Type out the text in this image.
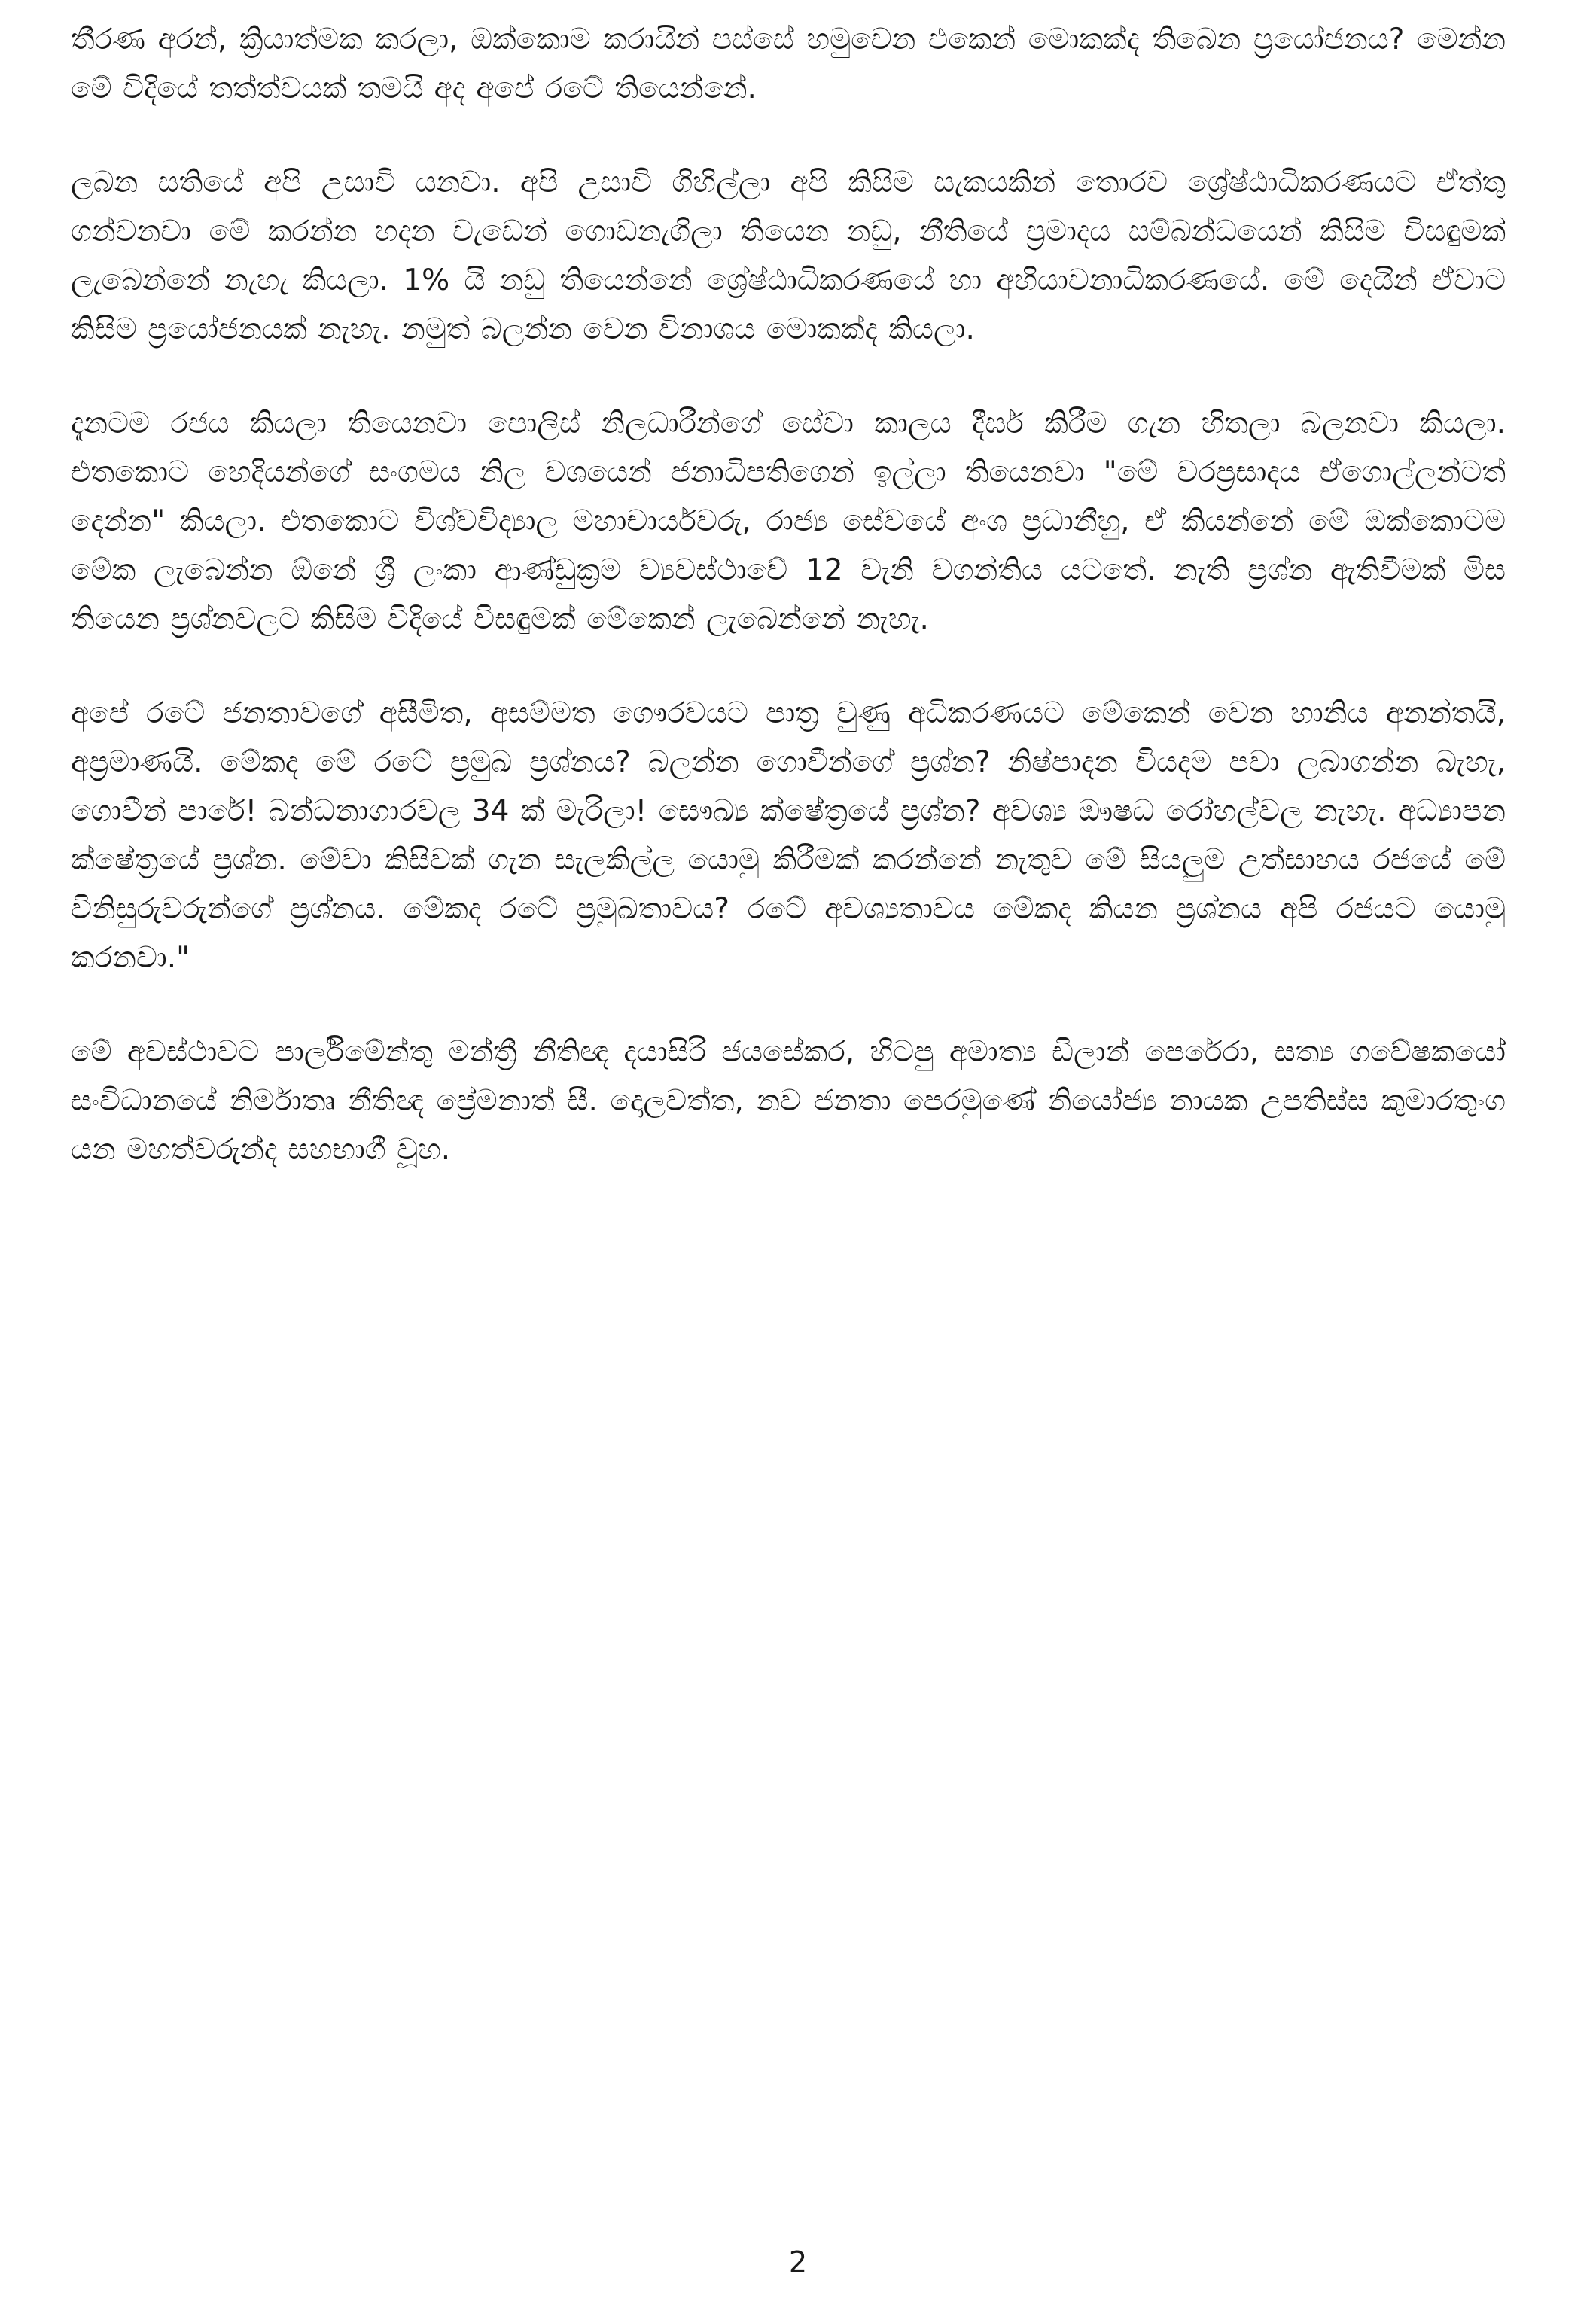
තීරණ අරන්, ක්‍රියාත්මක කරලා, ඔක්කොම කරායින් පස්සේ හමුවෙන එකෙන් මොකක්ද තිබෙන ප්‍රයෝජනය? මෙන්න මේ විදියේ තත්ත්වයක් තමයි අද අපේ රටේ තියෙන්නේ.

ලබන සතියේ අපි උසාවි යනවා. අපි උසාවි ගිහිල්ලා අපි කිසිම සැකයකින් තොරව ශ්‍රේෂ්ඨාධිකරණයට ඒත්තු ගන්වනවා මේ කරන්න හදන වැඩෙන් ගොඩනැගිලා තියෙන නඩු, නීතියේ ප්‍රමාදය සම්බන්ධයෙන් කිසිම විසඳුමක් ලැබෙන්නේ නැහැ කියලා. 1% යි නඩු තියෙන්නේ ශ්‍රේෂ්ඨාධිකරණයේ හා අභියාචනාධිකරණයේ. මේ දෙයින් ඒවාට කිසිම ප්‍රයෝජනයක් නැහැ. නමුත් බලන්න වෙන විනාශය මොකක්ද කියලා.

දැනටම රජය කියලා තියෙනවා පොලිස් නිලධාරීන්ගේ සේවා කාලය දීර්ඝ කිරීම ගැන හිතලා බලනවා කියලා. එතකොට හෙදියන්ගේ සංගමය නිල වශයෙන් ජනාධිපතිගෙන් ඉල්ලා තියෙනවා "මේ වරප්‍රසාදය ඒගොල්ලන්ටත් දෙන්න" කියලා. එතකොට විශ්වවිද්‍යාල මහාචාර්යවරු, රාජ්‍ය සේවයේ අංශ ප්‍රධානීහු, ඒ කියන්නේ මේ ඔක්කොටම මේක ලැබෙන්න ඕනේ ශ්‍රී ලංකා ආණ්ඩුක්‍රම ව්‍යවස්ථාවේ 12 වැනි වගන්තිය යටතේ. නැති ප්‍රශ්න ඇතිවීමක් මිස තියෙන ප්‍රශ්නවලට කිසිම විදියේ විසඳුමක් මේකෙන් ලැබෙන්නේ නැහැ.

අපේ රටේ ජනතාවගේ අසීමිත, අසම්මත ගෞරවයට පාත්‍ර වුණු අධිකරණයට මේකෙන් වෙන හානිය අනන්තයි, අප්‍රමාණයි. මේකද මේ රටේ ප්‍රමුඛ ප්‍රශ්නය? බලන්න ගොවීන්ගේ ප්‍රශ්න? නිෂ්පාදන වියදම පවා ලබාගන්න බැහැ, ගොවීන් පාරේ! බන්ධනාගාරවල 34 ක් මැරිලා! සෞඛ්‍ය ක්ෂේත්‍රයේ ප්‍රශ්න? අවශ්‍ය ඖෂධ රෝහල්වල නැහැ. අධ්‍යාපන ක්ෂේත්‍රයේ ප්‍රශ්න. මේවා කිසිවක් ගැන සැලකිල්ල යොමු කිරීමක් කරන්නේ නැතුව මේ සියලුම උත්සාහය රජයේ මේ විනිසුරුවරුන්ගේ ප්‍රශ්නය. මේකද රටේ ප්‍රමුඛතාවය? රටේ අවශ්‍යතාවය මේකද කියන ප්‍රශ්නය අපි රජයට යොමු කරනවා."

මේ අවස්ථාවට පාර්ලිමේන්තු මන්ත්‍රී නීතිඥ දයාසිරි ජයසේකර, හිටපු අමාත්‍ය ඩිලාන් පෙරේරා, සත්‍ය ගවේෂකයෝ සංවිධානයේ නිර්මාතෘ නීතිඥ ප්‍රේමනාත් සී. දොලවත්ත, නව ජනතා පෙරමුණේ නියෝජ්‍ය නායක උපතිස්ස කුමාරතුංග යන මහත්වරුන්ද සහභාගී වූහ.

2
